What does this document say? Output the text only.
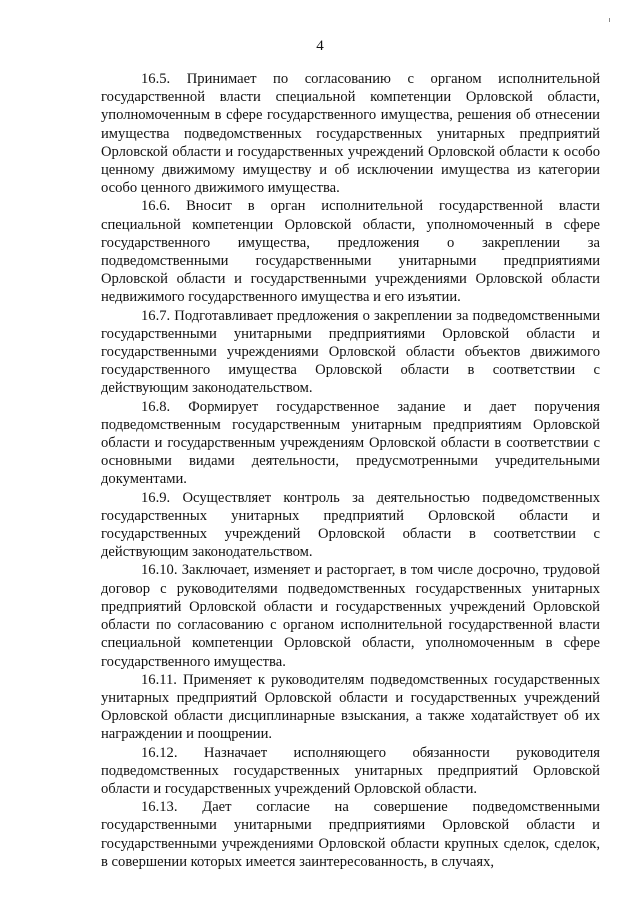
4

16.5. Принимает по согласованию с органом исполнительной государственной власти специальной компетенции Орловской области, уполномоченным в сфере государственного имущества, решения об отнесении имущества подведомственных государственных унитарных предприятий Орловской области и государственных учреждений Орловской области к особо ценному движимому имуществу и об исключении имущества из категории особо ценного движимого имущества.

16.6. Вносит в орган исполнительной государственной власти специальной компетенции Орловской области, уполномоченный в сфере государственного имущества, предложения о закреплении за подведомственными государственными унитарными предприятиями Орловской области и государственными учреждениями Орловской области недвижимого государственного имущества и его изъятии.

16.7. Подготавливает предложения о закреплении за подведомственными государственными унитарными предприятиями Орловской области и государственными учреждениями Орловской области объектов движимого государственного имущества Орловской области в соответствии с действующим законодательством.

16.8. Формирует государственное задание и дает поручения подведомственным государственным унитарным предприятиям Орловской области и государственным учреждениям Орловской области в соответствии с основными видами деятельности, предусмотренными учредительными документами.

16.9. Осуществляет контроль за деятельностью подведомственных государственных унитарных предприятий Орловской области и государственных учреждений Орловской области в соответствии с действующим законодательством.

16.10. Заключает, изменяет и расторгает, в том числе досрочно, трудовой договор с руководителями подведомственных государственных унитарных предприятий Орловской области и государственных учреждений Орловской области по согласованию с органом исполнительной государственной власти специальной компетенции Орловской области, уполномоченным в сфере государственного имущества.

16.11. Применяет к руководителям подведомственных государственных унитарных предприятий Орловской области и государственных учреждений Орловской области дисциплинарные взыскания, а также ходатайствует об их награждении и поощрении.

16.12. Назначает исполняющего обязанности руководителя подведомственных государственных унитарных предприятий Орловской области и государственных учреждений Орловской области.

16.13. Дает согласие на совершение подведомственными государственными унитарными предприятиями Орловской области и государственными учреждениями Орловской области крупных сделок, сделок, в совершении которых имеется заинтересованность, в случаях,
